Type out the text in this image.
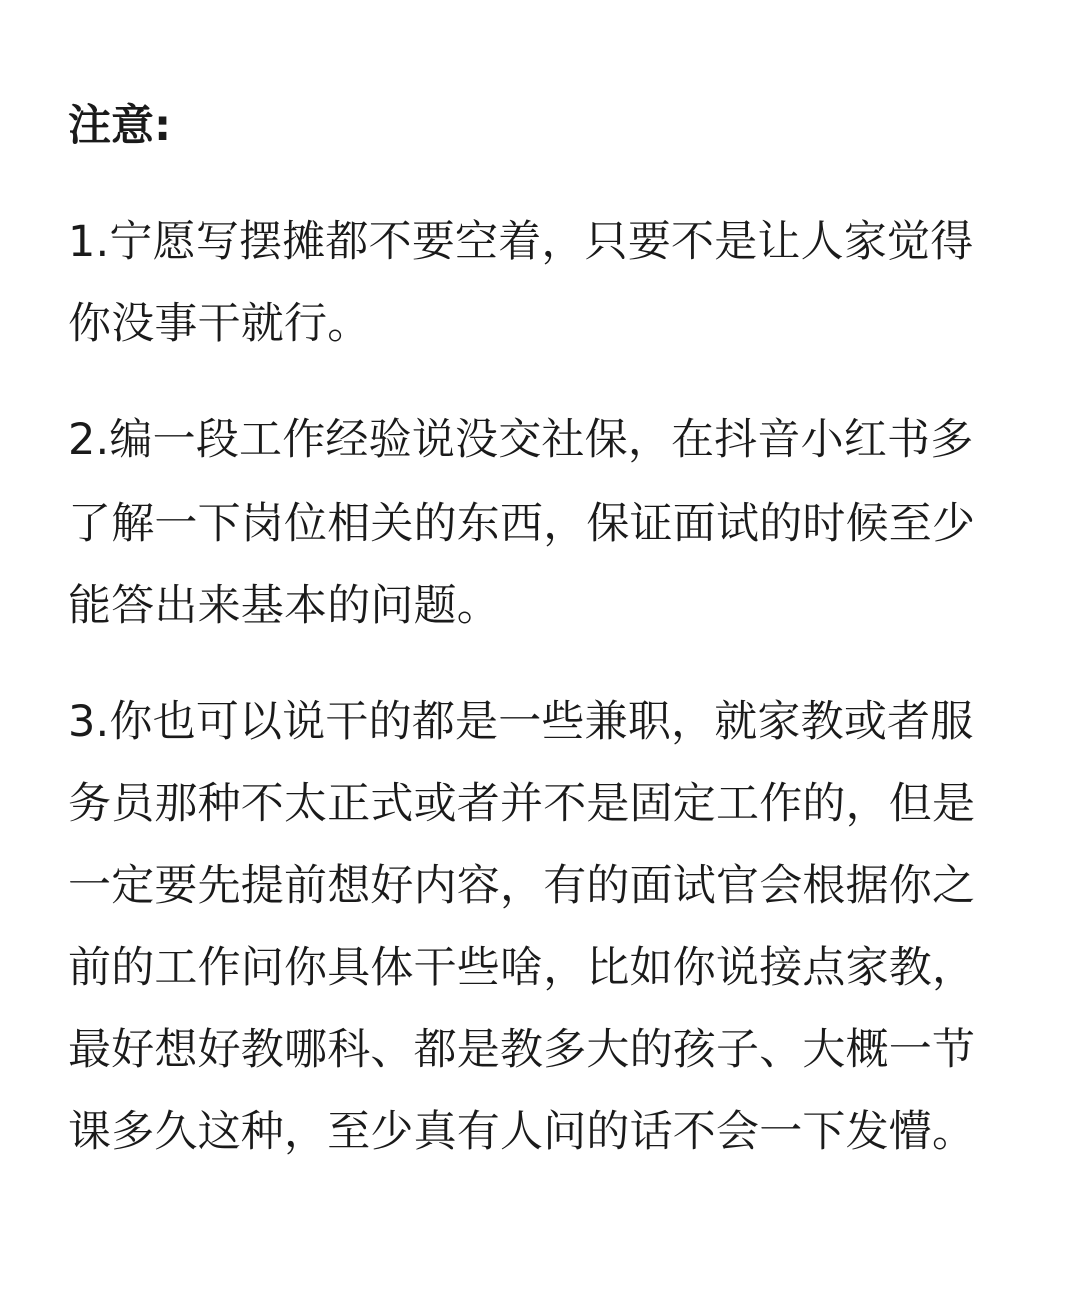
注意:
1.宁愿写摆摊都不要空着，只要不是让人家觉得
你没事干就行。
2.编一段工作经验说没交社保，在抖音小红书多
了解一下岗位相关的东西，保证面试的时候至少
能答出来基本的问题。
3.你也可以说干的都是一些兼职，就家教或者服
务员那种不太正式或者并不是固定工作的，但是
一定要先提前想好内容，有的面试官会根据你之
前的工作问你具体干些啥，比如你说接点家教，
最好想好教哪科、都是教多大的孩子、大概一节
课多久这种，至少真有人问的话不会一下发懵。
